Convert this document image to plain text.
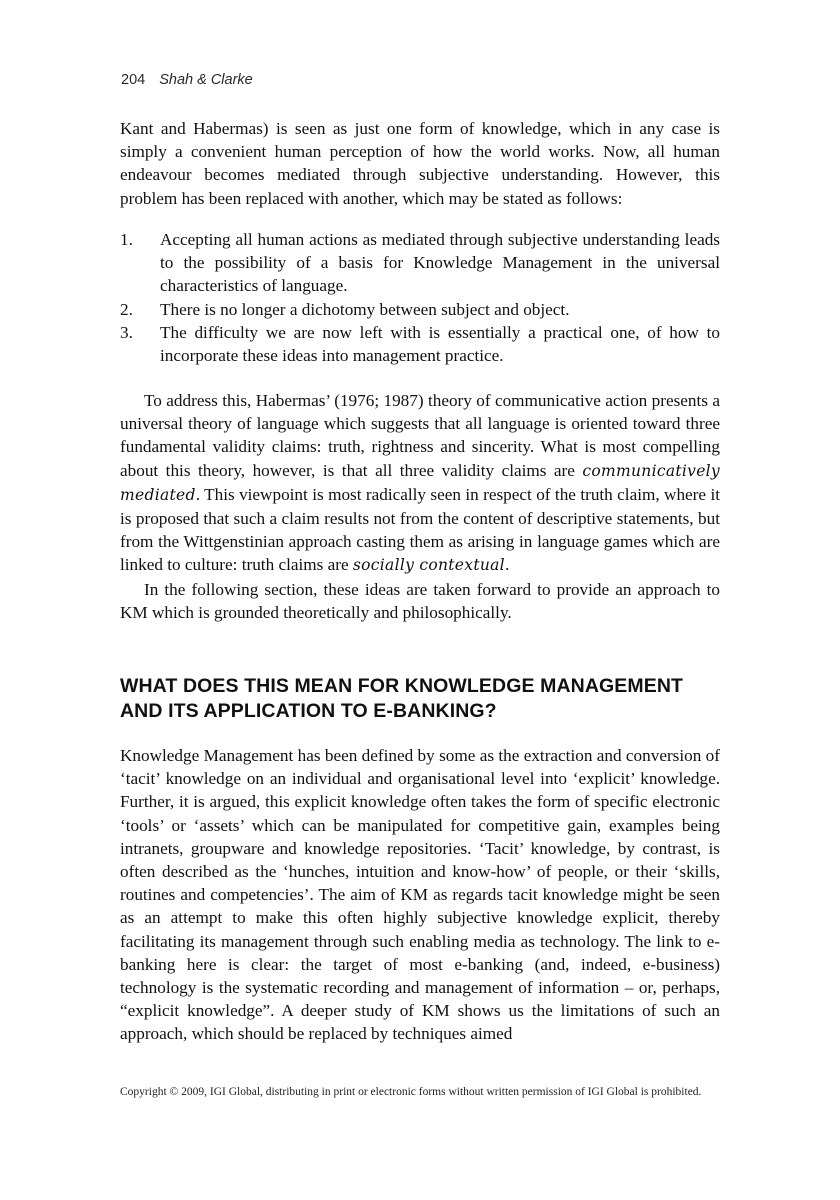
204 Shah & Clarke

Kant and Habermas) is seen as just one form of knowledge, which in any case is simply a convenient human perception of how the world works. Now, all human endeavour becomes mediated through subjective understanding. However, this problem has been replaced with another, which may be stated as follows:

1.	Accepting all human actions as mediated through subjective understanding leads to the possibility of a basis for Knowledge Management in the universal characteristics of language.
2.	There is no longer a dichotomy between subject and object.
3.	The difficulty we are now left with is essentially a practical one, of how to incorporate these ideas into management practice.

To address this, Habermas’ (1976; 1987) theory of communicative action presents a universal theory of language which suggests that all language is oriented toward three fundamental validity claims: truth, rightness and sincerity. What is most compelling about this theory, however, is that all three validity claims are communicatively mediated. This viewpoint is most radically seen in respect of the truth claim, where it is proposed that such a claim results not from the content of descriptive statements, but from the Wittgenstinian approach casting them as arising in language games which are linked to culture: truth claims are socially contextual.

In the following section, these ideas are taken forward to provide an approach to KM which is grounded theoretically and philosophically.

WHAT DOES THIS MEAN FOR KNOWLEDGE MANAGEMENT
AND ITS APPLICATION TO E-BANKING?

Knowledge Management has been defined by some as the extraction and conversion of ‘tacit’ knowledge on an individual and organisational level into ‘explicit’ knowledge. Further, it is argued, this explicit knowledge often takes the form of specific electronic ‘tools’ or ‘assets’ which can be manipulated for competitive gain, examples being intranets, groupware and knowledge repositories. ‘Tacit’ knowledge, by contrast, is often described as the ‘hunches, intuition and know-how’ of people, or their ‘skills, routines and competencies’. The aim of KM as regards tacit knowledge might be seen as an attempt to make this often highly subjective knowledge explicit, thereby facilitating its management through such enabling media as technology. The link to e-banking here is clear: the target of most e-banking (and, indeed, e-business) technology is the systematic recording and management of information – or, perhaps, “explicit knowledge”. A deeper study of KM shows us the limitations of such an approach, which should be replaced by techniques aimed

Copyright © 2009, IGI Global, distributing in print or electronic forms without written permission of IGI Global is prohibited.
